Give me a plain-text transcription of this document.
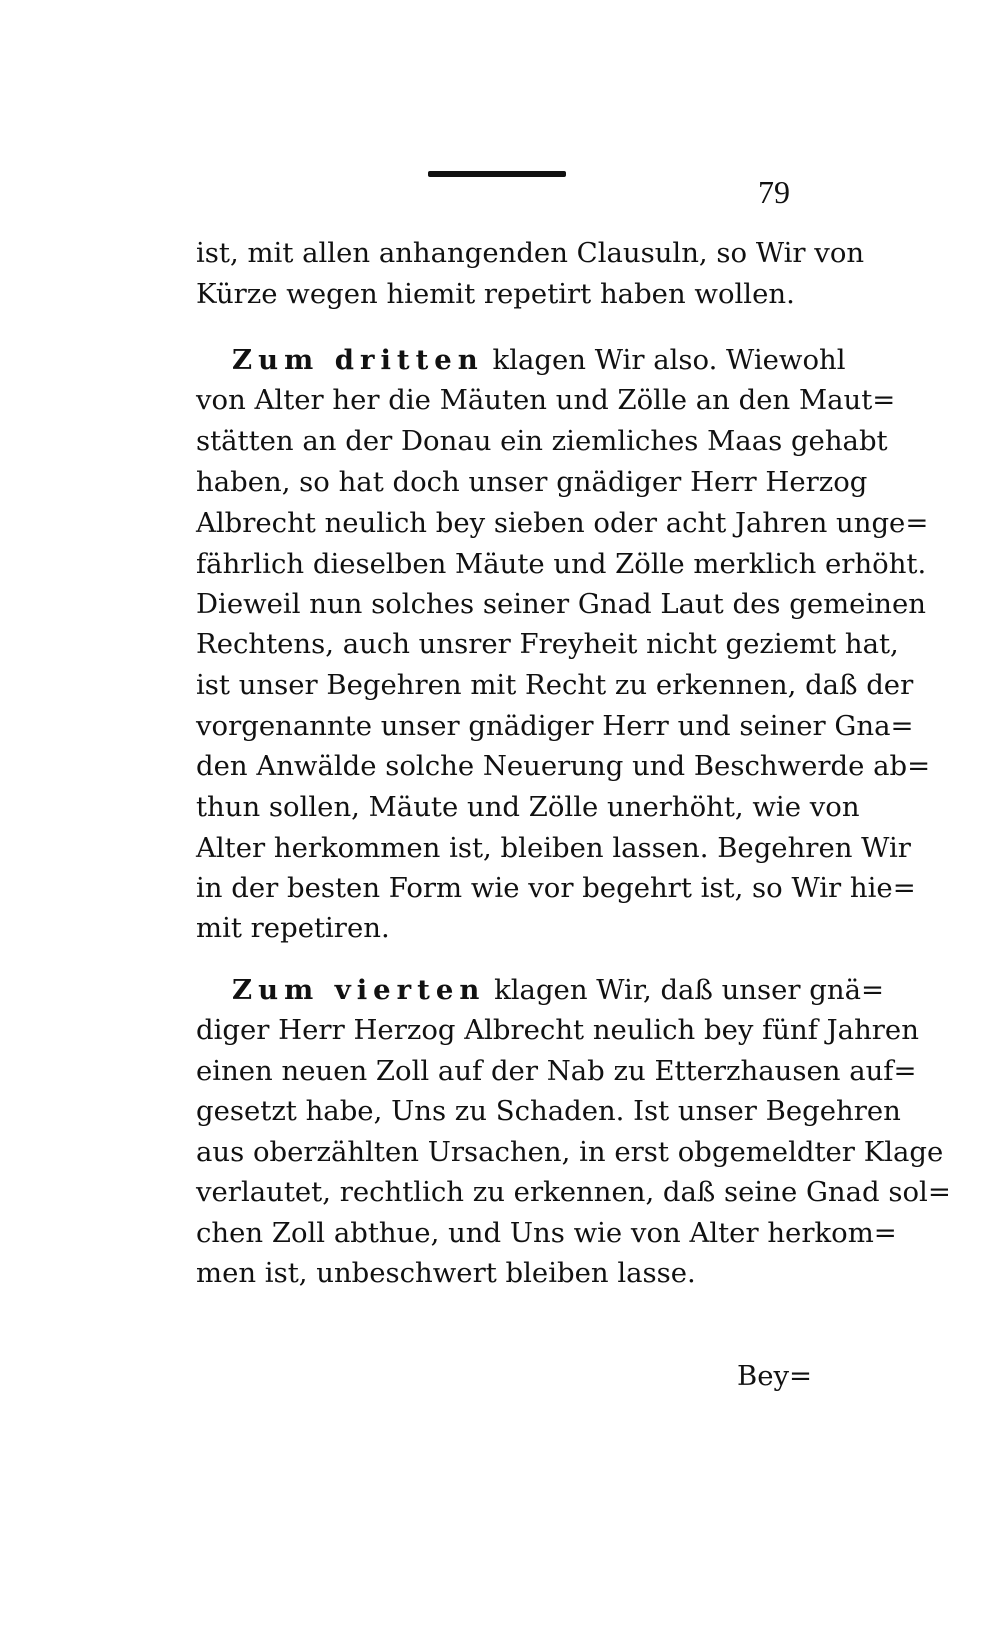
79
ist, mit allen anhangenden Clausuln, so Wir von
Kürze wegen hiemit repetirt haben wollen.
Zum dritten klagen Wir also. Wiewohl
von Alter her die Mäuten und Zölle an den Maut=
stätten an der Donau ein ziemliches Maas gehabt
haben, so hat doch unser gnädiger Herr Herzog
Albrecht neulich bey sieben oder acht Jahren unge=
fährlich dieselben Mäute und Zölle merklich erhöht.
Dieweil nun solches seiner Gnad Laut des gemeinen
Rechtens, auch unsrer Freyheit nicht geziemt hat,
ist unser Begehren mit Recht zu erkennen, daß der
vorgenannte unser gnädiger Herr und seiner Gna=
den Anwälde solche Neuerung und Beschwerde ab=
thun sollen, Mäute und Zölle unerhöht, wie von
Alter herkommen ist, bleiben lassen. Begehren Wir
in der besten Form wie vor begehrt ist, so Wir hie=
mit repetiren.
Zum vierten klagen Wir, daß unser gnä=
diger Herr Herzog Albrecht neulich bey fünf Jahren
einen neuen Zoll auf der Nab zu Etterzhausen auf=
gesetzt habe, Uns zu Schaden. Ist unser Begehren
aus oberzählten Ursachen, in erst obgemeldter Klage
verlautet, rechtlich zu erkennen, daß seine Gnad sol=
chen Zoll abthue, und Uns wie von Alter herkom=
men ist, unbeschwert bleiben lasse.
Bey=
